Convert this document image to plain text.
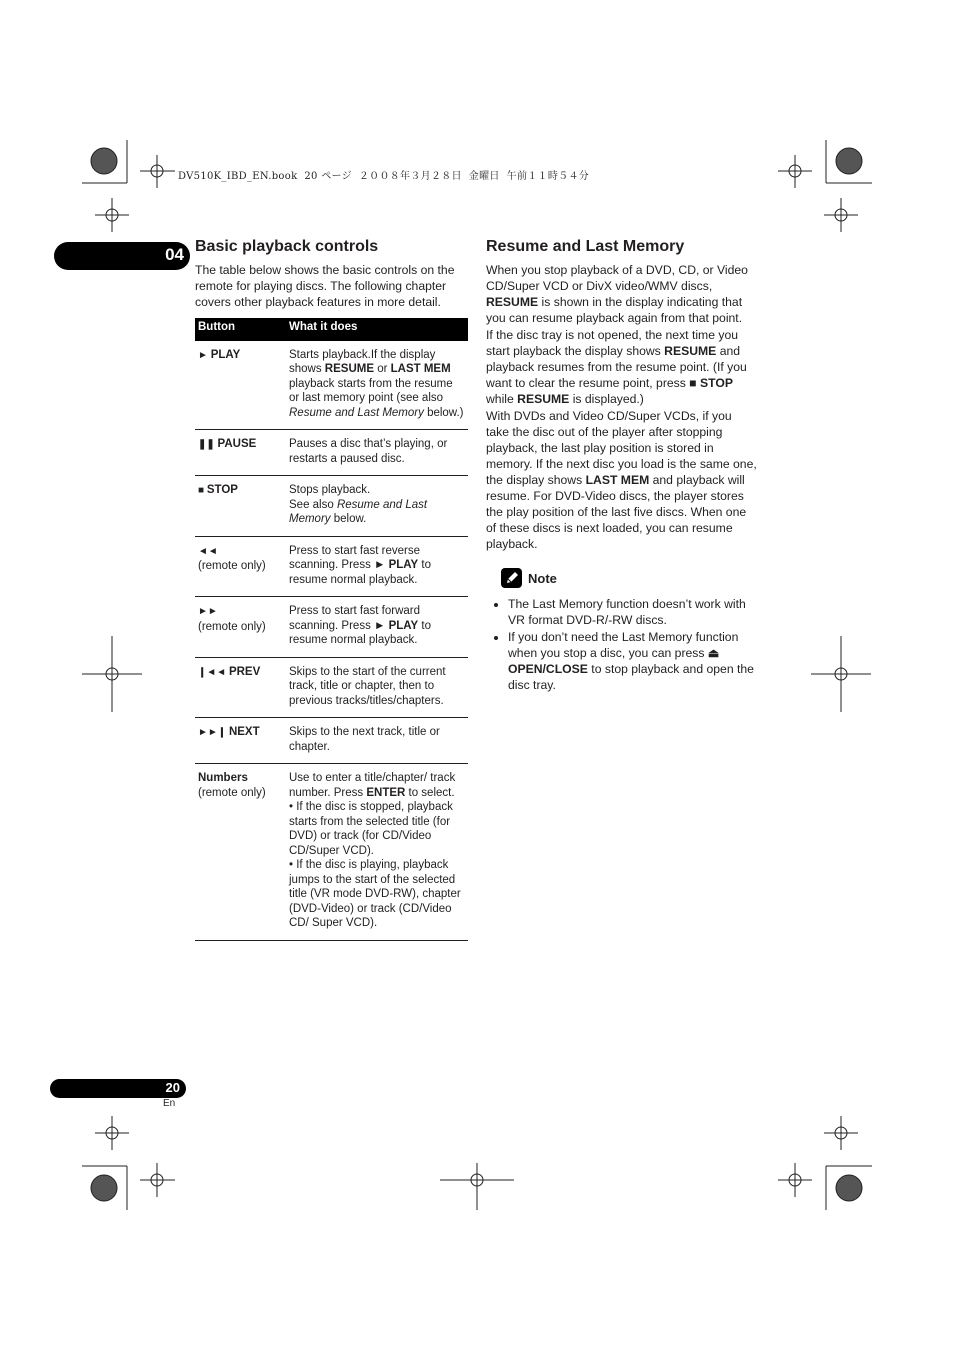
DV510K_IBD_EN.book  20 ページ  ２００８年３月２８日  金曜日  午前１１時５４分
04 Basic playback controls

The table below shows the basic controls on the remote for playing discs. The following chapter covers other playback features in more detail.

Button	What it does
► PLAY	Starts playback.If the display shows RESUME or LAST MEM playback starts from the resume or last memory point (see also Resume and Last Memory below.)
❚❚ PAUSE	Pauses a disc that’s playing, or restarts a paused disc.
■ STOP	Stops playback.
See also Resume and Last Memory below.
◄◄
(remote only)	Press to start fast reverse scanning. Press ► PLAY to resume normal playback.
►►
(remote only)	Press to start fast forward scanning. Press ► PLAY to resume normal playback.
❙◄◄ PREV	Skips to the start of the current track, title or chapter, then to previous tracks/titles/chapters.
►►❙ NEXT	Skips to the next track, title or chapter.
Numbers
(remote only)	Use to enter a title/chapter/ track number. Press ENTER to select.
• If the disc is stopped, playback starts from the selected title (for DVD) or track (for CD/Video CD/Super VCD).
• If the disc is playing, playback jumps to the start of the selected title (VR mode DVD-RW), chapter (DVD-Video) or track (CD/Video CD/ Super VCD).
Resume and Last Memory

When you stop playback of a DVD, CD, or Video CD/Super VCD or DivX video/WMV discs, RESUME is shown in the display indicating that you can resume playback again from that point.

If the disc tray is not opened, the next time you start playback the display shows RESUME and playback resumes from the resume point. (If you want to clear the resume point, press ■ STOP while RESUME is displayed.)

With DVDs and Video CD/Super VCDs, if you take the disc out of the player after stopping playback, the last play position is stored in memory. If the next disc you load is the same one, the display shows LAST MEM and playback will resume. For DVD-Video discs, the player stores the play position of the last five discs. When one of these discs is next loaded, you can resume playback.

Note
• The Last Memory function doesn’t work with VR format DVD-R/-RW discs.
• If you don’t need the Last Memory function when you stop a disc, you can press ⏏ OPEN/CLOSE to stop playback and open the disc tray.
20
En
